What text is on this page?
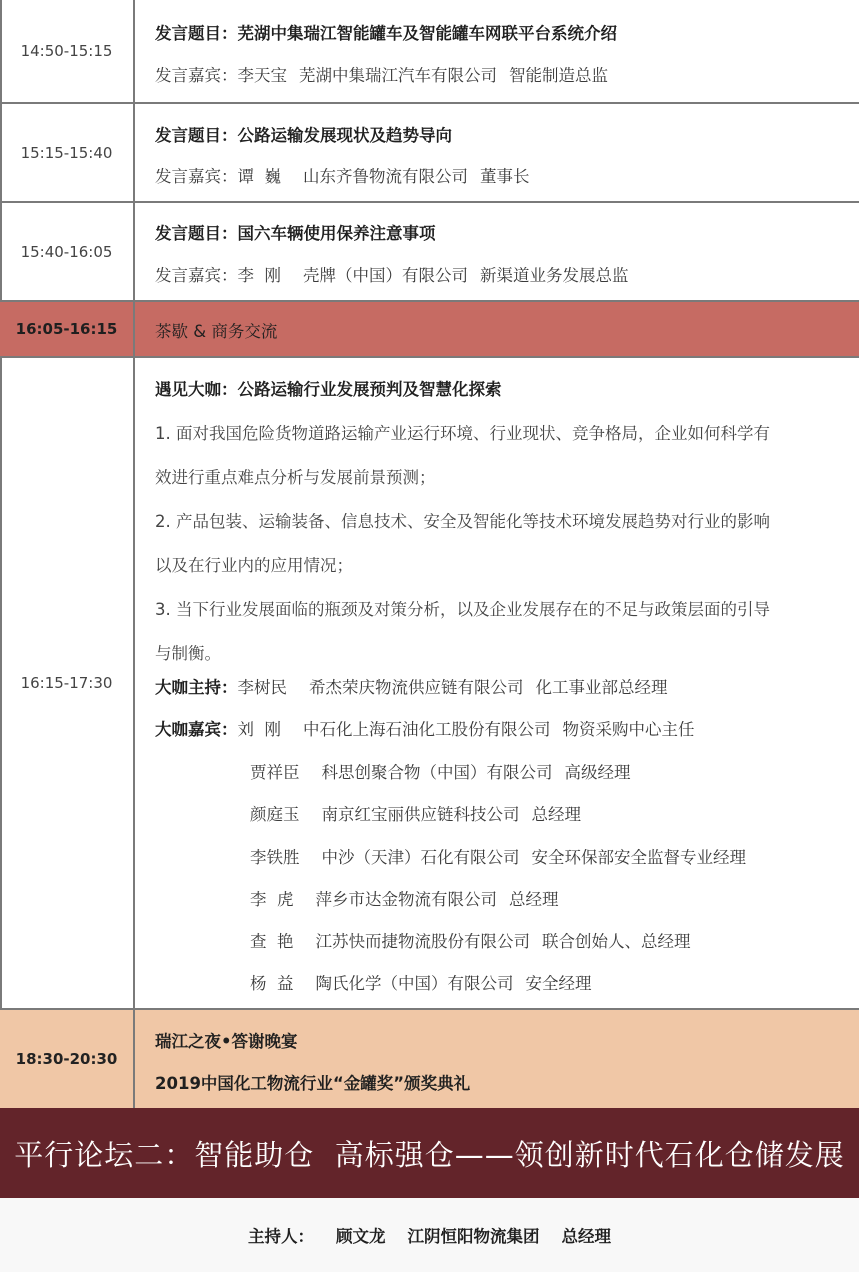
14:50-15:15
发言题目：芜湖中集瑞江智能罐车及智能罐车网联平台系统介绍
发言嘉宾：李天宝 芜湖中集瑞江汽车有限公司 智能制造总监
15:15-15:40
发言题目：公路运输发展现状及趋势导向
发言嘉宾：谭  巍 山东齐鲁物流有限公司 董事长
15:40-16:05
发言题目：国六车辆使用保养注意事项
发言嘉宾：李  刚 壳牌（中国）有限公司 新渠道业务发展总监
16:05-16:15	茶歇 & 商务交流
16:15-17:30
遇见大咖：公路运输行业发展预判及智慧化探索
1. 面对我国危险货物道路运输产业运行环境、行业现状、竞争格局，企业如何科学有
效进行重点难点分析与发展前景预测；
2. 产品包装、运输装备、信息技术、安全及智能化等技术环境发展趋势对行业的影响
以及在行业内的应用情况；
3. 当下行业发展面临的瓶颈及对策分析，以及企业发展存在的不足与政策层面的引导
与制衡。
大咖主持：李树民 希杰荣庆物流供应链有限公司 化工事业部总经理
大咖嘉宾：刘  刚 中石化上海石油化工股份有限公司 物资采购中心主任
贾祥臣 科思创聚合物（中国）有限公司 高级经理
颜庭玉 南京红宝丽供应链科技公司 总经理
李铁胜 中沙（天津）石化有限公司 安全环保部安全监督专业经理
李  虎 萍乡市达金物流有限公司 总经理
查  艳 江苏快而捷物流股份有限公司 联合创始人、总经理
杨  益 陶氏化学（中国）有限公司 安全经理
18:30-20:30
瑞江之夜•答谢晚宴
2019中国化工物流行业“金罐奖”颁奖典礼
平行论坛二：智能助仓  高标强仓——领创新时代石化仓储发展
主持人： 顾文龙 江阴恒阳物流集团 总经理
